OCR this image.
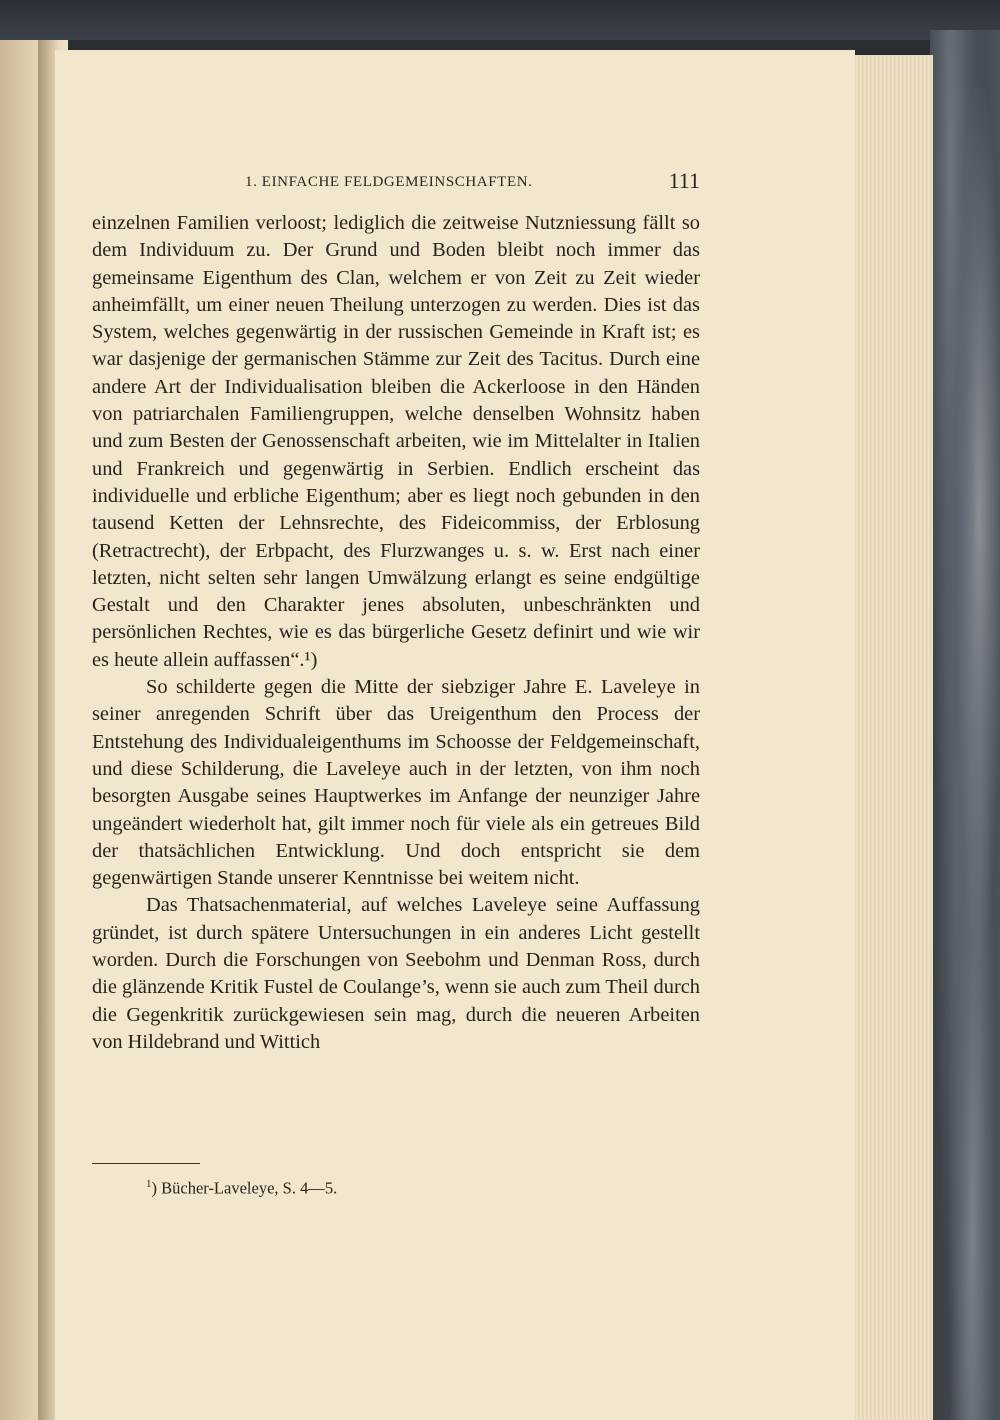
1. EINFACHE FELDGEMEINSCHAFTEN.	111

einzelnen Familien verloost; lediglich die zeitweise Nutzniessung fällt so dem Individuum zu. Der Grund und Boden bleibt noch immer das gemeinsame Eigenthum des Clan, welchem er von Zeit zu Zeit wieder anheimfällt, um einer neuen Theilung unterzogen zu werden. Dies ist das System, welches gegenwärtig in der russischen Gemeinde in Kraft ist; es war dasjenige der germanischen Stämme zur Zeit des Tacitus. Durch eine andere Art der Individualisation bleiben die Ackerloose in den Händen von patriarchalen Familiengruppen, welche denselben Wohnsitz haben und zum Besten der Genossenschaft arbeiten, wie im Mittelalter in Italien und Frankreich und gegenwärtig in Serbien. Endlich erscheint das individuelle und erbliche Eigenthum; aber es liegt noch gebunden in den tausend Ketten der Lehnsrechte, des Fideicommiss, der Erblosung (Retractrecht), der Erbpacht, des Flurzwanges u. s. w. Erst nach einer letzten, nicht selten sehr langen Umwälzung erlangt es seine endgültige Gestalt und den Charakter jenes absoluten, unbeschränkten und persönlichen Rechtes, wie es das bürgerliche Gesetz definirt und wie wir es heute allein auffassen“.¹)

So schilderte gegen die Mitte der siebziger Jahre E. Laveleye in seiner anregenden Schrift über das Ureigenthum den Process der Entstehung des Individualeigenthums im Schoosse der Feldgemeinschaft, und diese Schilderung, die Laveleye auch in der letzten, von ihm noch besorgten Ausgabe seines Hauptwerkes im Anfange der neunziger Jahre ungeändert wiederholt hat, gilt immer noch für viele als ein getreues Bild der thatsächlichen Entwicklung. Und doch entspricht sie dem gegenwärtigen Stande unserer Kenntnisse bei weitem nicht.

Das Thatsachenmaterial, auf welches Laveleye seine Auffassung gründet, ist durch spätere Untersuchungen in ein anderes Licht gestellt worden. Durch die Forschungen von Seebohm und Denman Ross, durch die glänzende Kritik Fustel de Coulange’s, wenn sie auch zum Theil durch die Gegenkritik zurückgewiesen sein mag, durch die neueren Arbeiten von Hildebrand und Wittich

$^1$) Bücher-Laveleye, S. 4—5.
